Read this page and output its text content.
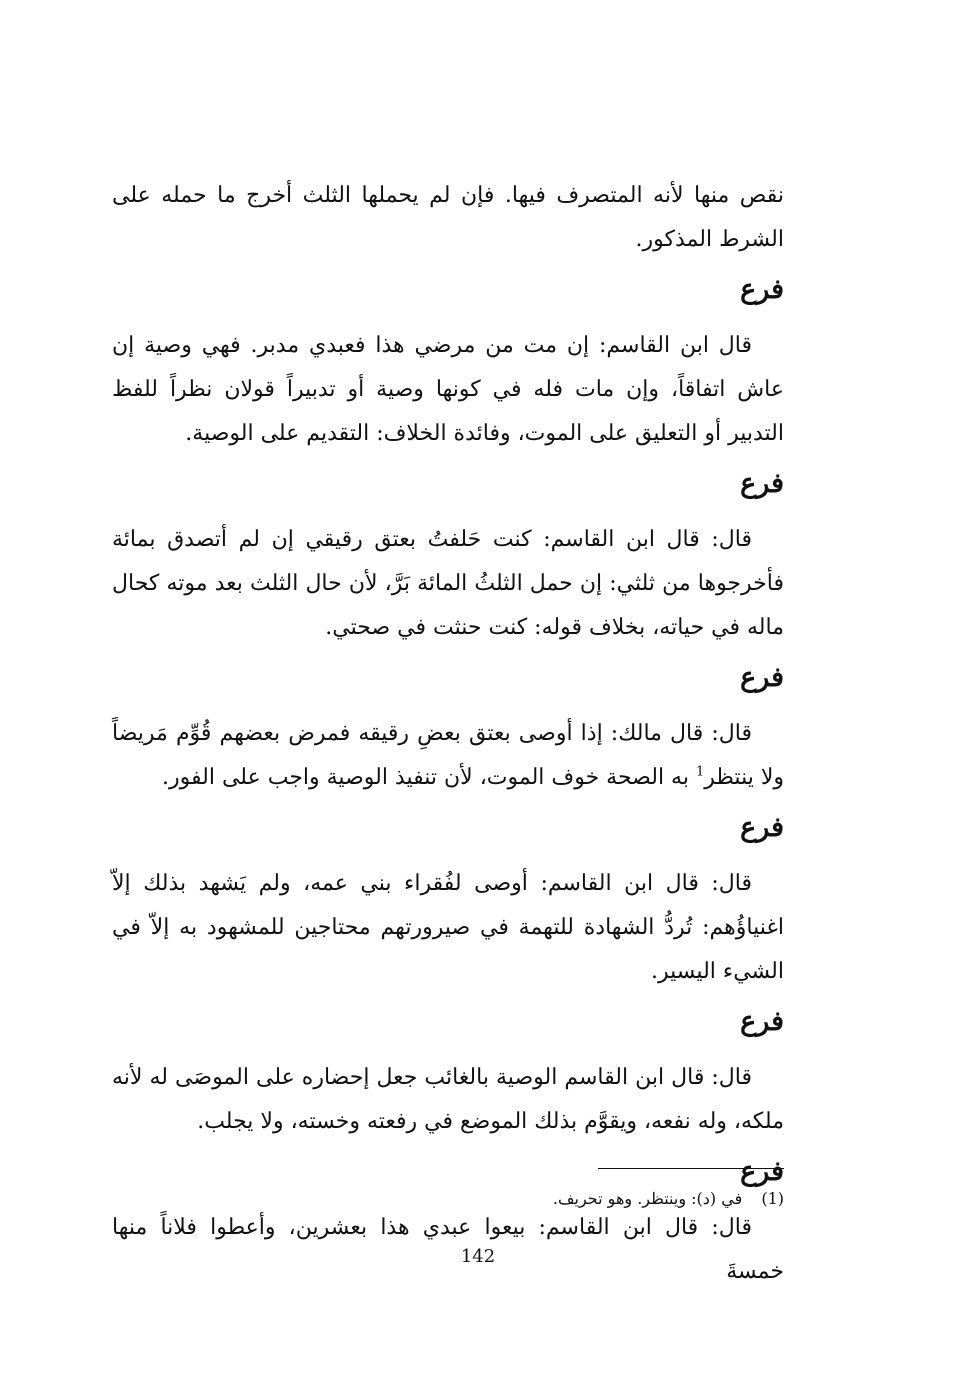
نقص منها لأنه المتصرف فيها. فإن لم يحملها الثلث أخرج ما حمله على الشرط المذكور.

فرع

قال ابن القاسم: إن مت من مرضي هذا فعبدي مدبر. فهي وصية إن عاش اتفاقاً، وإن مات فله في كونها وصية أو تدبيراً قولان نظراً للفظ التدبير أو التعليق على الموت، وفائدة الخلاف: التقديم على الوصية.

فرع

قال: قال ابن القاسم: كنت حَلفتُ بعتق رقيقي إن لم أتصدق بمائة فأخرجوها من ثلثي: إن حمل الثلثُ المائة بَرَّ، لأن حال الثلث بعد موته كحال ماله في حياته، بخلاف قوله: كنت حنثت في صحتي.

فرع

قال: قال مالك: إذا أوصى بعتق بعضِ رقيقه فمرض بعضهم قُوِّم مَريضاً ولا ينتظر$^1$ به الصحة خوف الموت، لأن تنفيذ الوصية واجب على الفور.

فرع

قال: قال ابن القاسم: أوصى لفُقراء بني عمه، ولم يَشهد بذلك إلاّ اغنياؤُهم: تُردُّ الشهادة للتهمة في صيرورتهم محتاجين للمشهود به إلاّ في الشيء اليسير.

فرع

قال: قال ابن القاسم الوصية بالغائب جعل إحضاره على الموصَى له لأنه ملكه، وله نفعه، ويقوَّم بذلك الموضع في رفعته وخسته، ولا يجلب.

فرع

قال: قال ابن القاسم: بيعوا عبدي هذا بعشرين، وأعطوا فلاناً منها خمسةَ

(1) في (د): وينتظر. وهو تحريف.
142
